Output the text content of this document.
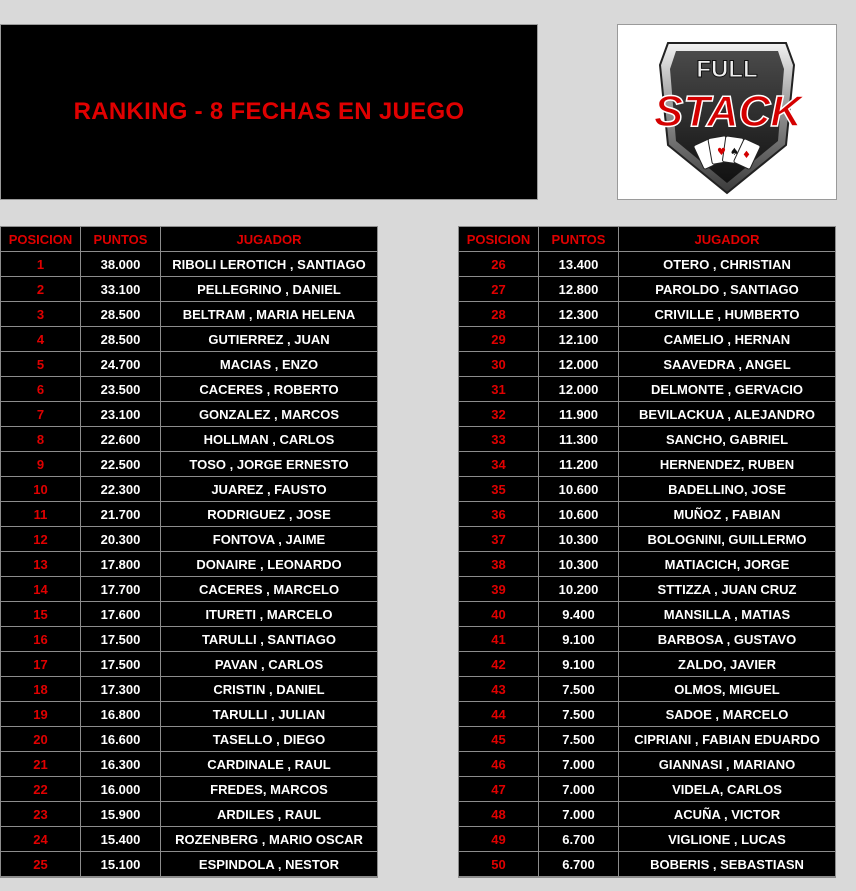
RANKING - 8 FECHAS EN JUEGO
FULL
STACK
♥ ♠ ♦
POSICION	PUNTOS	JUGADOR
1	38.000	RIBOLI LEROTICH , SANTIAGO
2	33.100	PELLEGRINO , DANIEL
3	28.500	BELTRAM , MARIA HELENA
4	28.500	GUTIERREZ , JUAN
5	24.700	MACIAS , ENZO
6	23.500	CACERES , ROBERTO
7	23.100	GONZALEZ , MARCOS
8	22.600	HOLLMAN , CARLOS
9	22.500	TOSO , JORGE ERNESTO
10	22.300	JUAREZ , FAUSTO
11	21.700	RODRIGUEZ , JOSE
12	20.300	FONTOVA , JAIME
13	17.800	DONAIRE , LEONARDO
14	17.700	CACERES , MARCELO
15	17.600	ITURETI , MARCELO
16	17.500	TARULLI , SANTIAGO
17	17.500	PAVAN , CARLOS
18	17.300	CRISTIN , DANIEL
19	16.800	TARULLI , JULIAN
20	16.600	TASELLO , DIEGO
21	16.300	CARDINALE , RAUL
22	16.000	FREDES, MARCOS
23	15.900	ARDILES , RAUL
24	15.400	ROZENBERG , MARIO OSCAR
25	15.100	ESPINDOLA , NESTOR
POSICION	PUNTOS	JUGADOR
26	13.400	OTERO , CHRISTIAN
27	12.800	PAROLDO , SANTIAGO
28	12.300	CRIVILLE , HUMBERTO
29	12.100	CAMELIO , HERNAN
30	12.000	SAAVEDRA , ANGEL
31	12.000	DELMONTE , GERVACIO
32	11.900	BEVILACKUA , ALEJANDRO
33	11.300	SANCHO, GABRIEL
34	11.200	HERNENDEZ, RUBEN
35	10.600	BADELLINO, JOSE
36	10.600	MUÑOZ , FABIAN
37	10.300	BOLOGNINI, GUILLERMO
38	10.300	MATIACICH, JORGE
39	10.200	STTIZZA , JUAN CRUZ
40	9.400	MANSILLA , MATIAS
41	9.100	BARBOSA , GUSTAVO
42	9.100	ZALDO, JAVIER
43	7.500	OLMOS, MIGUEL
44	7.500	SADOE , MARCELO
45	7.500	CIPRIANI , FABIAN EDUARDO
46	7.000	GIANNASI , MARIANO
47	7.000	VIDELA, CARLOS
48	7.000	ACUÑA , VICTOR
49	6.700	VIGLIONE , LUCAS
50	6.700	BOBERIS , SEBASTIASN
